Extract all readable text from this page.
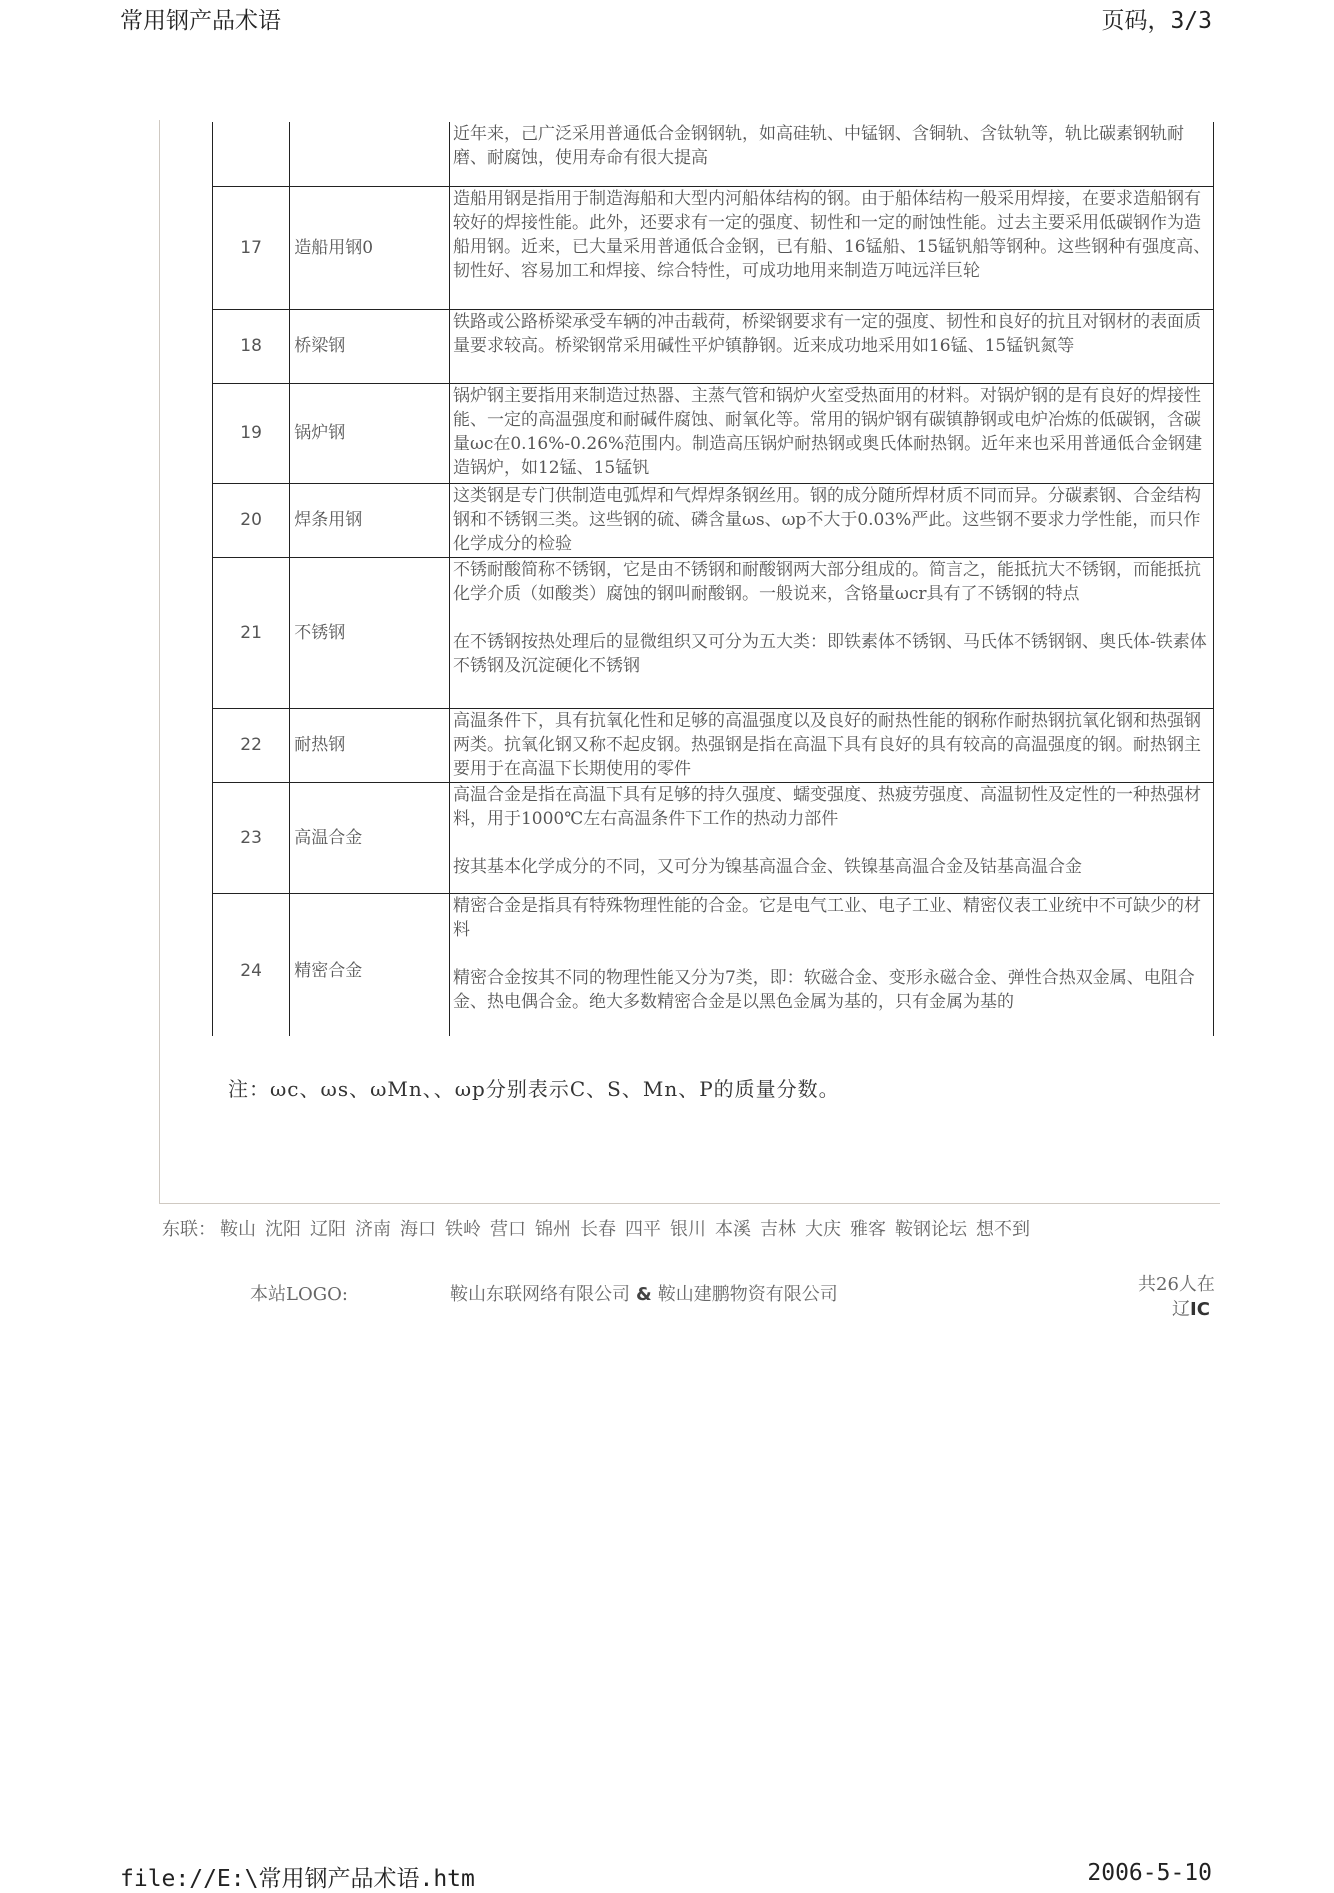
常用钢产品术语	页码，3/3

		近年来，己广泛采用普通低合金钢钢轨，如高硅轨、中锰钢、含铜轨、含钛轨等，轨比碳素钢轨耐磨、耐腐蚀，使用寿命有很大提高

17	造船用钢0	造船用钢是指用于制造海船和大型内河船体结构的钢。由于船体结构一般采用焊接，在要求造船钢有较好的焊接性能。此外，还要求有一定的强度、韧性和一定的耐蚀性能。过去主要采用低碳钢作为造船用钢。近来，已大量采用普通低合金钢，已有船、16锰船、15锰钒船等钢种。这些钢种有强度高、韧性好、容易加工和焊接、综合特性，可成功地用来制造万吨远洋巨轮

18	桥梁钢	铁路或公路桥梁承受车辆的冲击载荷，桥梁钢要求有一定的强度、韧性和良好的抗且对钢材的表面质量要求较高。桥梁钢常采用碱性平炉镇静钢。近来成功地采用如16锰、15锰钒氮等

19	锅炉钢	锅炉钢主要指用来制造过热器、主蒸气管和锅炉火室受热面用的材料。对锅炉钢的是有良好的焊接性能、一定的高温强度和耐碱件腐蚀、耐氧化等。常用的锅炉钢有碳镇静钢或电炉冶炼的低碳钢，含碳量ωc在0.16%-0.26%范围内。制造高压锅炉耐热钢或奥氏体耐热钢。近年来也采用普通低合金钢建造锅炉，如12锰、15锰钒

20	焊条用钢	这类钢是专门供制造电弧焊和气焊焊条钢丝用。钢的成分随所焊材质不同而异。分碳素钢、合金结构钢和不锈钢三类。这些钢的硫、磷含量ωs、ωp不大于0.03%严此。这些钢不要求力学性能，而只作化学成分的检验

21	不锈钢	不锈耐酸简称不锈钢，它是由不锈钢和耐酸钢两大部分组成的。简言之，能抵抗大不锈钢，而能抵抗化学介质（如酸类）腐蚀的钢叫耐酸钢。一般说来，含铬量ωcr具有了不锈钢的特点

在不锈钢按热处理后的显微组织又可分为五大类：即铁素体不锈钢、马氏体不锈钢钢、奥氏体-铁素体不锈钢及沉淀硬化不锈钢

22	耐热钢	高温条件下，具有抗氧化性和足够的高温强度以及良好的耐热性能的钢称作耐热钢抗氧化钢和热强钢两类。抗氧化钢又称不起皮钢。热强钢是指在高温下具有良好的具有较高的高温强度的钢。耐热钢主要用于在高温下长期使用的零件

23	高温合金	高温合金是指在高温下具有足够的持久强度、蠕变强度、热疲劳强度、高温韧性及定性的一种热强材料，用于1000℃左右高温条件下工作的热动力部件

按其基本化学成分的不同，又可分为镍基高温合金、铁镍基高温合金及钴基高温合金

24	精密合金	精密合金是指具有特殊物理性能的合金。它是电气工业、电子工业、精密仪表工业统中不可缺少的材料

精密合金按其不同的物理性能又分为7类，即：软磁合金、变形永磁合金、弹性合热双金属、电阻合金、热电偶合金。绝大多数精密合金是以黑色金属为基的，只有金属为基的

注：ωc、ωs、ωMn、、ωp分别表示C、S、Mn、P的质量分数。
东联： 鞍山 沈阳 辽阳 济南 海口 铁岭 营口 锦州 长春 四平 银川 本溪 吉林 大庆 雅客 鞍钢论坛 想不到
本站LOGO:	鞍山东联网络有限公司 & 鞍山建鹏物资有限公司	共26人在
辽IC
file://E:\常用钢产品术语.htm	2006-5-10
